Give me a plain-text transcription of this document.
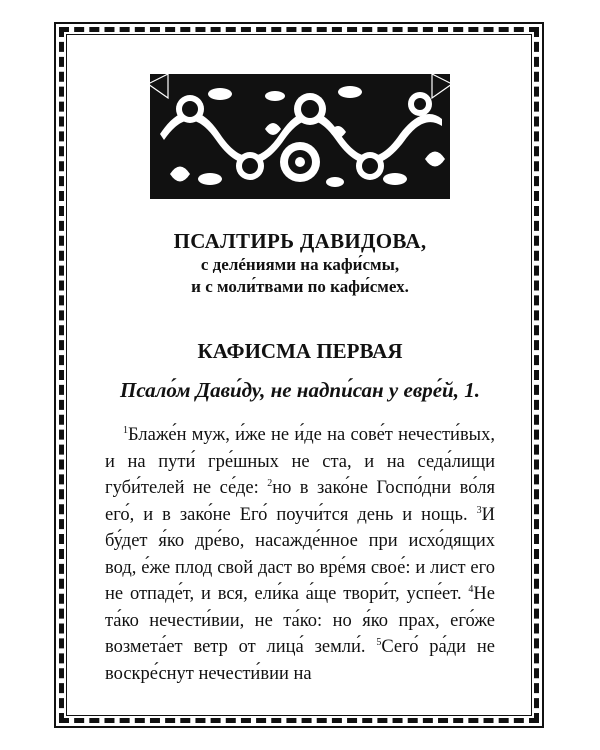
ПСАЛТИРЬ ДАВИДОВА,
с делéниями на кафи́смы,
и с моли́твами по кафи́смех.
КАФИСМА ПЕРВАЯ
Псало́м Дави́ду, не надпи́сан у евре́й, 1.
$^1$Блаже́н муж, и́же не и́де на сове́т нечести́вых, и на пути́ гре́шных не ста, и на седа́лищи губи́телей не се́де: $^2$но в зако́не Госпо́дни во́ля его́, и в зако́не Его́ поучи́тся день и нощь. $^3$И бу́дет я́ко дре́во, насажде́нное при исхо́дящих вод, е́же плод свой даст во вре́мя свое́: и лист его не отпаде́т, и вся, ели́ка а́ще твори́т, успе́ет. $^4$Не та́ко нечести́вии, не та́ко: но я́ко прах, его́же возмета́ет ветр от лица́ земли́. $^5$Сего́ ра́ди не воскре́снут нечести́вии на
